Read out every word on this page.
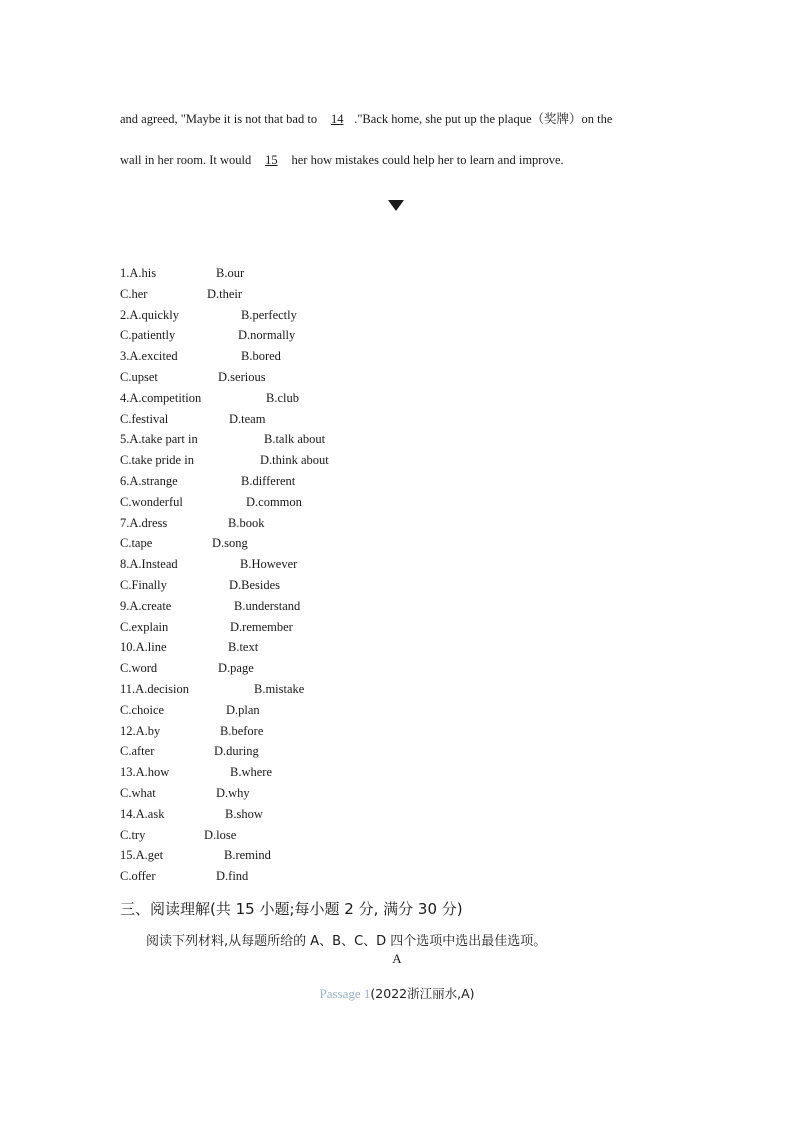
and agreed, "Maybe it is not that bad to 14 ."Back home, she put up the plaque（奖牌）on the
wall in her room. It would 15 her how mistakes could help her to learn and improve.
1.A.his	B.our
C.her	D.their
2.A.quickly	B.perfectly
C.patiently	D.normally
3.A.excited	B.bored
C.upset	D.serious
4.A.competition	B.club
C.festival	D.team
5.A.take part in	B.talk about
C.take pride in	D.think about
6.A.strange	B.different
C.wonderful	D.common
7.A.dress	B.book
C.tape	D.song
8.A.Instead	B.However
C.Finally	D.Besides
9.A.create	B.understand
C.explain	D.remember
10.A.line	B.text
C.word	D.page
11.A.decision	B.mistake
C.choice	D.plan
12.A.by	B.before
C.after	D.during
13.A.how	B.where
C.what	D.why
14.A.ask	B.show
C.try	D.lose
15.A.get	B.remind
C.offer	D.find
三、阅读理解(共 15 小题;每小题 2 分, 满分 30 分)
阅读下列材料,从每题所给的 A、B、C、D 四个选项中选出最佳选项。
A
Passage 1(2022浙江丽水,A)
